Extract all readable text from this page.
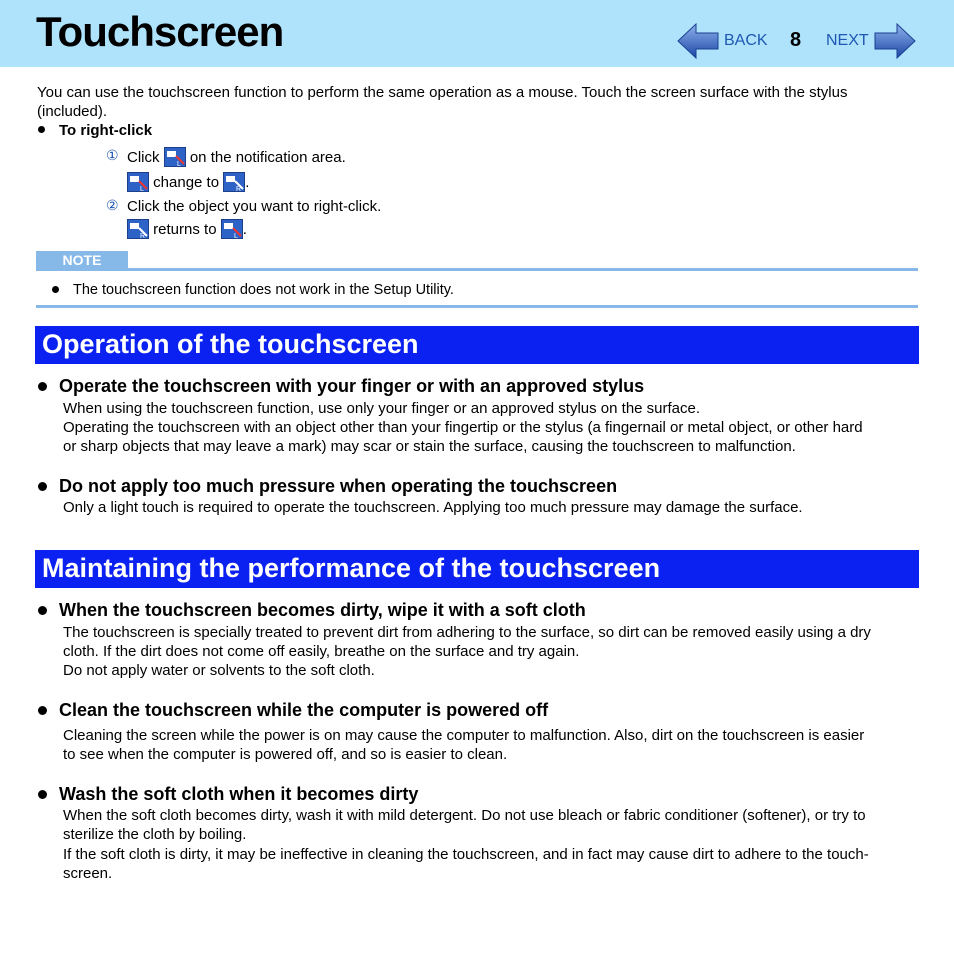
Touchscreen	BACK 8 NEXT
You can use the touchscreen function to perform the same operation as a mouse. Touch the screen surface with the stylus
(included).
To right-click
① Click L on the notification area.
L change to R .
② Click the object you want to right-click.
R returns to L .
NOTE
The touchscreen function does not work in the Setup Utility.
Operation of the touchscreen
Operate the touchscreen with your finger or with an approved stylus
When using the touchscreen function, use only your finger or an approved stylus on the surface.
Operating the touchscreen with an object other than your fingertip or the stylus (a fingernail or metal object, or other hard
or sharp objects that may leave a mark) may scar or stain the surface, causing the touchscreen to malfunction.
Do not apply too much pressure when operating the touchscreen
Only a light touch is required to operate the touchscreen. Applying too much pressure may damage the surface.
Maintaining the performance of the touchscreen
When the touchscreen becomes dirty, wipe it with a soft cloth
The touchscreen is specially treated to prevent dirt from adhering to the surface, so dirt can be removed easily using a dry
cloth. If the dirt does not come off easily, breathe on the surface and try again.
Do not apply water or solvents to the soft cloth.
Clean the touchscreen while the computer is powered off
Cleaning the screen while the power is on may cause the computer to malfunction. Also, dirt on the touchscreen is easier
to see when the computer is powered off, and so is easier to clean.
Wash the soft cloth when it becomes dirty
When the soft cloth becomes dirty, wash it with mild detergent. Do not use bleach or fabric conditioner (softener), or try to
sterilize the cloth by boiling.
If the soft cloth is dirty, it may be ineffective in cleaning the touchscreen, and in fact may cause dirt to adhere to the touch-
screen.
